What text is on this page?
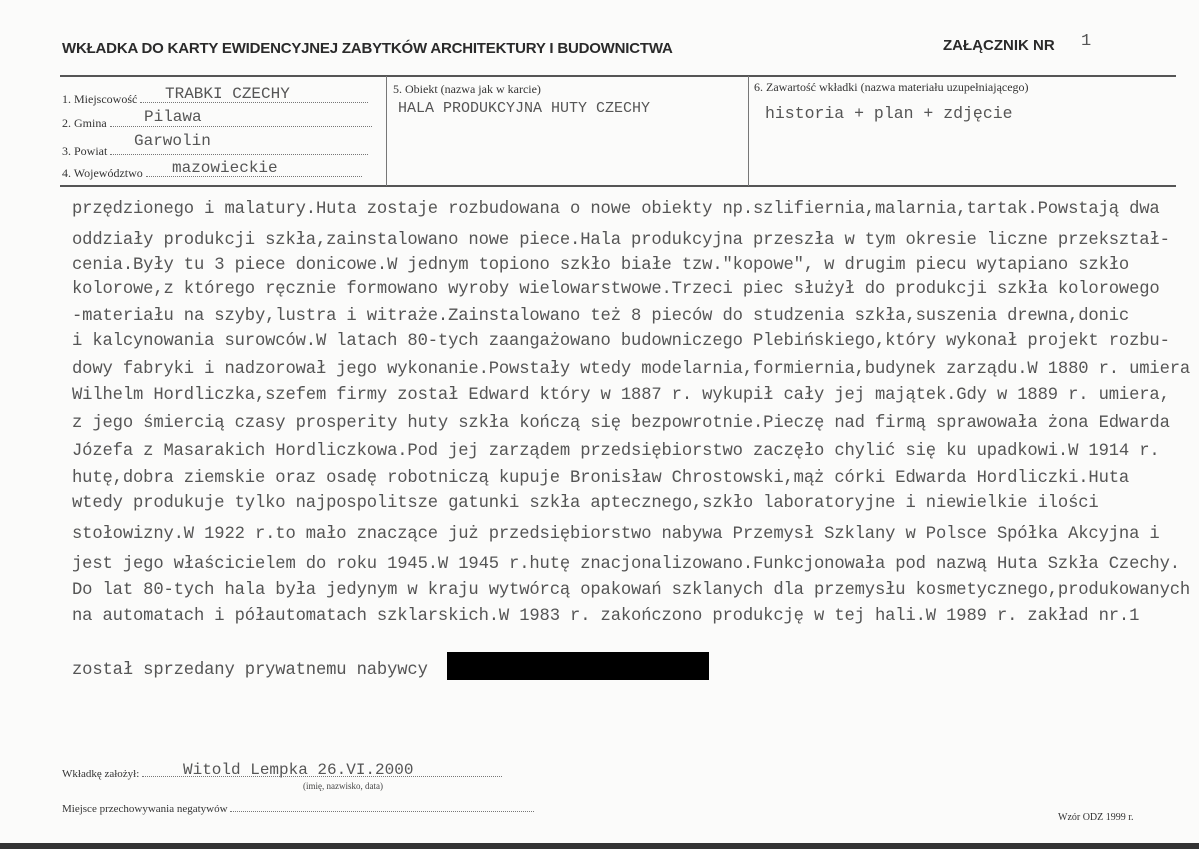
WKŁADKA DO KARTY EWIDENCYJNEJ ZABYTKÓW ARCHITEKTURY I BUDOWNICTWA	ZAŁĄCZNIK NR 1
1. Miejscowość	TRABKI CZECHY
2. Gmina	Pilawa
3. Powiat
Garwolin
4. Województwo	mazowieckie
5. Obiekt (nazwa jak w karcie)
HALA PRODUKCYJNA HUTY CZECHY
6. Zawartość wkładki (nazwa materiału uzupełniającego)
historia + plan + zdjęcie
przędzionego i malatury.Huta zostaje rozbudowana o nowe obiekty np.szlifiernia,malarnia,tartak.Powstają dwa
oddziały produkcji szkła,zainstalowano nowe piece.Hala produkcyjna przeszła w tym okresie liczne przekształ-
cenia.Były tu 3 piece donicowe.W jednym topiono szkło białe tzw."kopowe", w drugim piecu wytapiano szkło
kolorowe,z którego ręcznie formowano wyroby wielowarstwowe.Trzeci piec służył do produkcji szkła kolorowego
-materiału na szyby,lustra i witraże.Zainstalowano też 8 pieców do studzenia szkła,suszenia drewna,donic
i kalcynowania surowców.W latach 80-tych zaangażowano budowniczego Plebińskiego,który wykonał projekt rozbu-
dowy fabryki i nadzorował jego wykonanie.Powstały wtedy modelarnia,formiernia,budynek zarządu.W 1880 r. umiera
Wilhelm Hordliczka,szefem firmy został Edward który w 1887 r. wykupił cały jej majątek.Gdy w 1889 r. umiera,
z jego śmiercią czasy prosperity huty szkła kończą się bezpowrotnie.Pieczę nad firmą sprawowała żona Edwarda
Józefa z Masarakich Hordliczkowa.Pod jej zarządem przedsiębiorstwo zaczęło chylić się ku upadkowi.W 1914 r.
hutę,dobra ziemskie oraz osadę robotniczą kupuje Bronisław Chrostowski,mąż córki Edwarda Hordliczki.Huta
wtedy produkuje tylko najpospolitsze gatunki szkła aptecznego,szkło laboratoryjne i niewielkie ilości
stołowizny.W 1922 r.to mało znaczące już przedsiębiorstwo nabywa Przemysł Szklany w Polsce Spółka Akcyjna i
jest jego właścicielem do roku 1945.W 1945 r.hutę znacjonalizowano.Funkcjonowała pod nazwą Huta Szkła Czechy.
Do lat 80-tych hala była jedynym w kraju wytwórcą opakowań szklanych dla przemysłu kosmetycznego,produkowanych
na automatach i półautomatach szklarskich.W 1983 r. zakończono produkcję w tej hali.W 1989 r. zakład nr.1
został sprzedany prywatnemu nabywcy
Wkładkę założył:	Witold Lempka 26.VI.2000
(imię, nazwisko, data)
Miejsce przechowywania negatywów
Wzór ODZ 1999 r.
